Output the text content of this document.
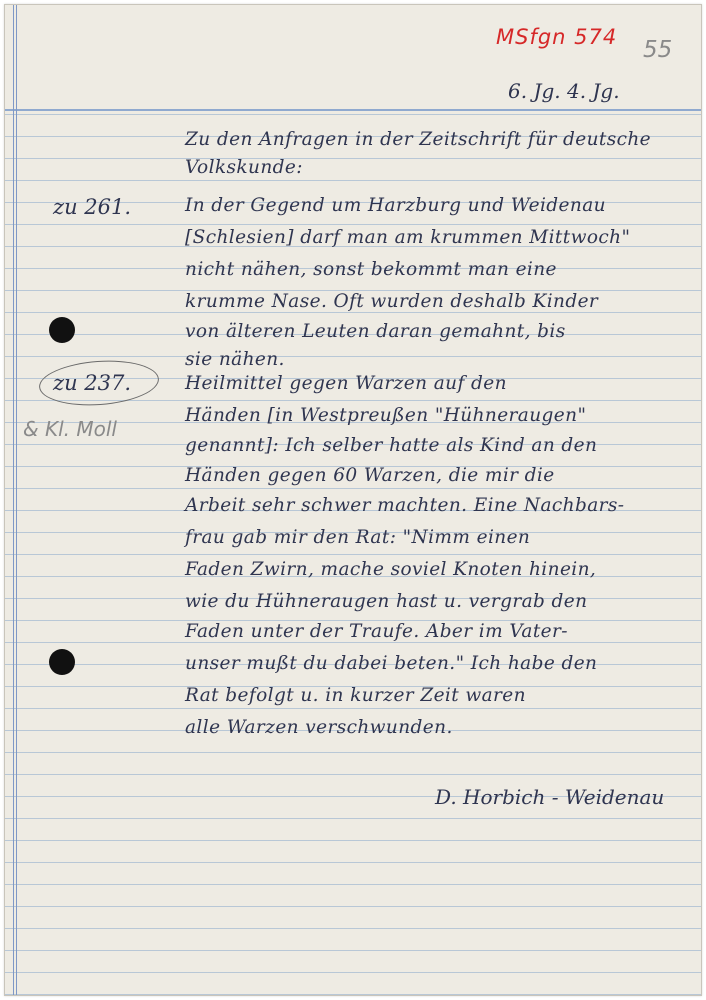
MSfgn 574 55
6. Jg. 4. Jg.
Zu den Anfragen in der Zeitschrift für deutsche
Volkskunde:
zu 261.	In der Gegend um Harzburg und Weidenau
[Schlesien] darf man am krummen Mittwoch"
nicht nähen, sonst bekommt man eine
krumme Nase. Oft wurden deshalb Kinder
von älteren Leuten daran gemahnt, bis
sie nähen.
zu 237.
& Kl. Moll
Heilmittel gegen Warzen auf den
Händen [in Westpreußen "Hühneraugen"
genannt]: Ich selber hatte als Kind an den
Händen gegen 60 Warzen, die mir die
Arbeit sehr schwer machten. Eine Nachbars-
frau gab mir den Rat: "Nimm einen
Faden Zwirn, mache soviel Knoten hinein,
wie du Hühneraugen hast u. vergrab den
Faden unter der Traufe. Aber im Vater-
unser mußt du dabei beten." Ich habe den
Rat befolgt u. in kurzer Zeit waren
alle Warzen verschwunden.
D. Horbich - Weidenau
